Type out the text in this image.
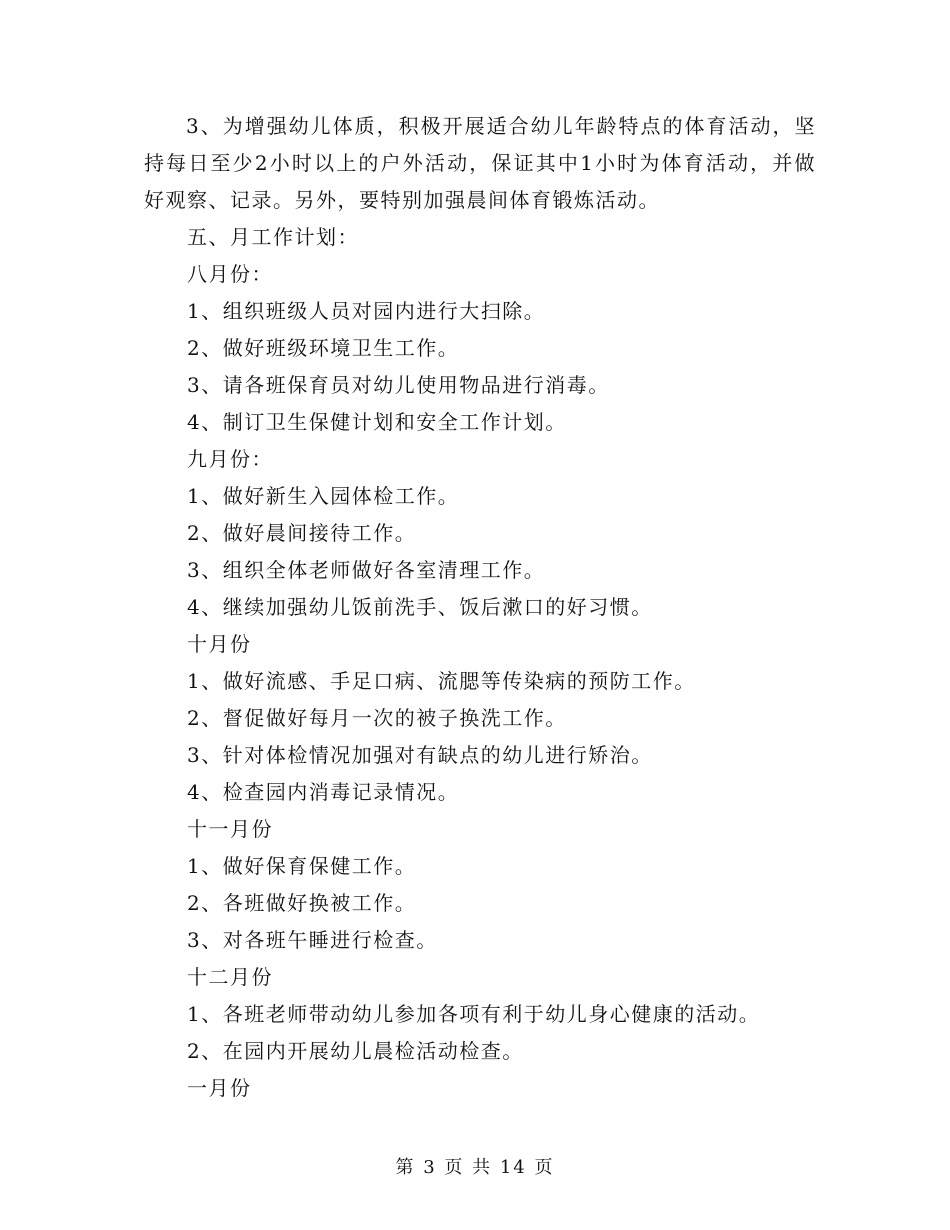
3、为增强幼儿体质，积极开展适合幼儿年龄特点的体育活动，坚持每日至少2小时以上的户外活动，保证其中1小时为体育活动，并做好观察、记录。另外，要特别加强晨间体育锻炼活动。

五、月工作计划：

八月份：

1、组织班级人员对园内进行大扫除。

2、做好班级环境卫生工作。

3、请各班保育员对幼儿使用物品进行消毒。

4、制订卫生保健计划和安全工作计划。

九月份：

1、做好新生入园体检工作。

2、做好晨间接待工作。

3、组织全体老师做好各室清理工作。

4、继续加强幼儿饭前洗手、饭后漱口的好习惯。

十月份

1、做好流感、手足口病、流腮等传染病的预防工作。

2、督促做好每月一次的被子换洗工作。

3、针对体检情况加强对有缺点的幼儿进行矫治。

4、检查园内消毒记录情况。

十一月份

1、做好保育保健工作。

2、各班做好换被工作。

3、对各班午睡进行检查。

十二月份

1、各班老师带动幼儿参加各项有利于幼儿身心健康的活动。

2、在园内开展幼儿晨检活动检查。

一月份

第 3 页 共 14 页
